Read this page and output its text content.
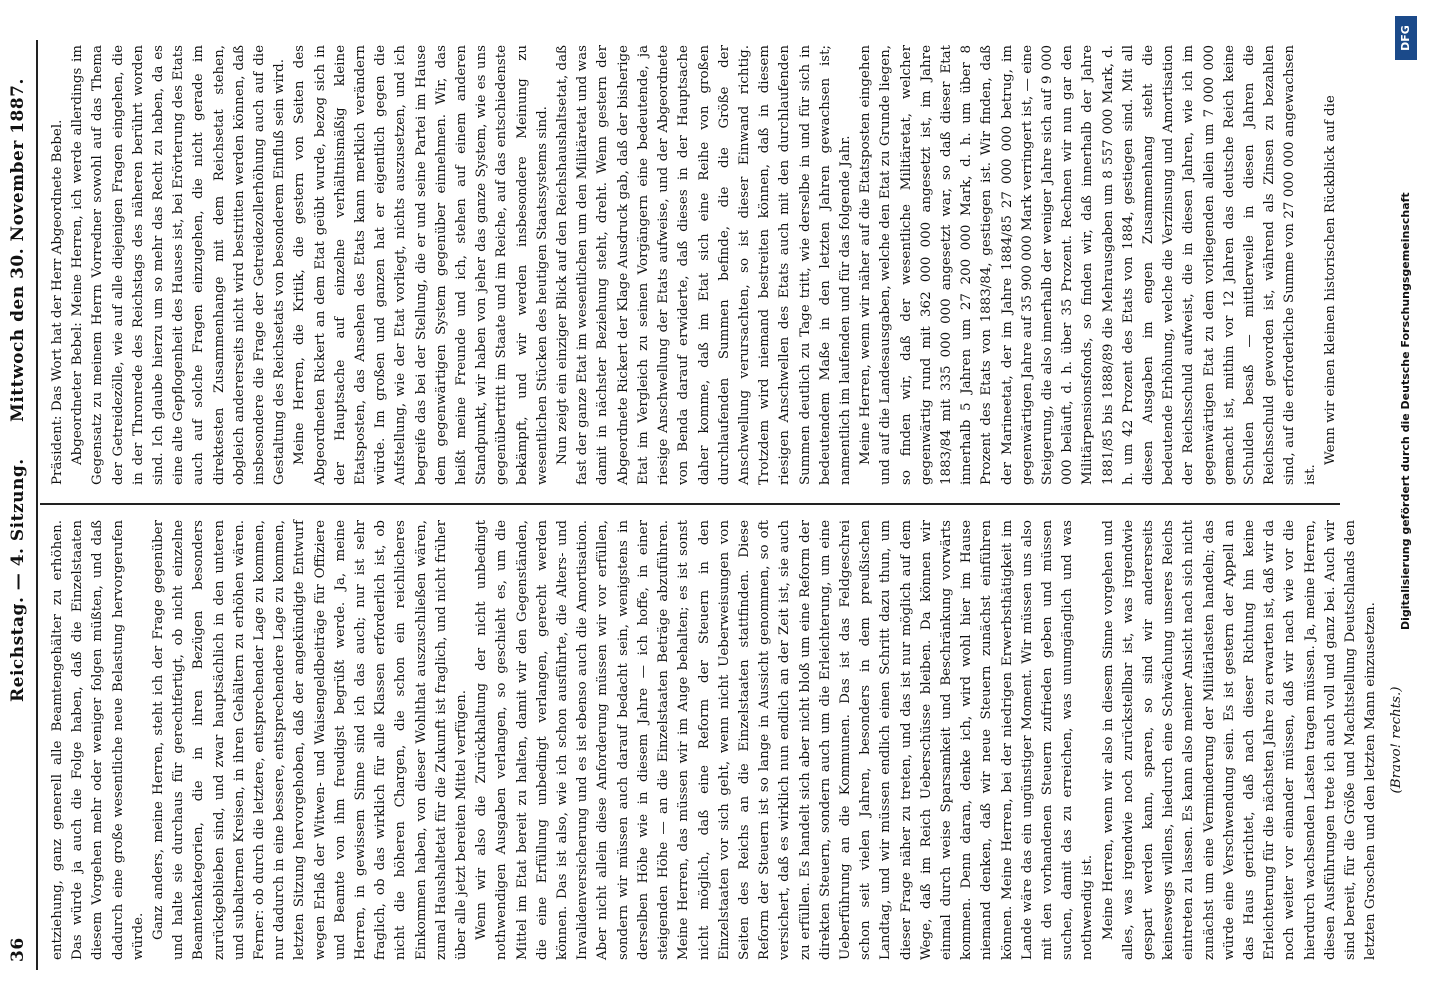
36
Reichstag. — 4. Sitzung.
Mittwoch den 30. November 1887.

entziehung, ganz generell alle Beamtengehälter zu erhöhen. Das würde ja auch die Folge haben, daß die Einzelstaaten diesem Vorgehen mehr oder weniger folgen müßten, und daß dadurch eine große wesentliche neue Belastung hervorgerufen würde. Ganz anders, meine Herren, steht ich der Frage gegenüber und halte sie durchaus für gerechtfertigt, ob nicht einzelne Beamtenkategorien, die in ihren Bezügen besonders zurückgeblieben sind, und zwar hauptsächlich in den unteren und subalternen Kreisen, in ihren Gehältern zu erhöhen wären. Ferner: ob durch die letztere, entsprechender Lage zu kommen, nur dadurch in eine bessere, entsprechendere Lage zu kommen, letzten Sitzung hervorgehoben, daß der angekündigte Entwurf wegen Erlaß der Witwen- und Waisengeldbeiträge für Offiziere und Beamte von ihm freudigst begrüßt werde. Ja, meine Herren, in gewissem Sinne sind ich das auch; nur ist sehr fraglich, ob das wirklich für alle Klassen erforderlich ist, ob nicht die höheren Chargen, die schon ein reichlicheres Einkommen haben, von dieser Wohlthat auszuschließen wären, zumal Haushaltetat für die Zukunft ist fraglich, und nicht früher über alle jetzt bereiten Mittel verfügen. Wenn wir also die Zurückhaltung der nicht unbedingt nothwendigen Ausgaben verlangen, so geschieht es, um die Mittel im Etat bereit zu halten, damit wir den Gegenständen, die eine Erfüllung unbedingt verlangen, gerecht werden können. Das ist also, wie ich schon ausführte, die Alters- und Invalidenversicherung und es ist ebenso auch die Amortisation. Aber nicht allein diese Anforderung müssen wir vor erfüllen, sondern wir müssen auch darauf bedacht sein, wenigstens in derselben Höhe wie in diesem Jahre — ich hoffe, in einer steigenden Höhe — an die Einzelstaaten Beträge abzuführen. Meine Herren, das müssen wir im Auge behalten; es ist sonst nicht möglich, daß eine Reform der Steuern in den Einzelstaaten vor sich geht, wenn nicht Ueberweisungen von Seiten des Reichs an die Einzelstaaten stattfinden. Diese Reform der Steuern ist so lange in Aussicht genommen, so oft versichert, daß es wirklich nun endlich an der Zeit ist, sie auch zu erfüllen. Es handelt sich aber nicht bloß um eine Reform der direkten Steuern, sondern auch um die Erleichterung, um eine Ueberführung an die Kommunen. Das ist das Feldgeschrei schon seit vielen Jahren, besonders in dem preußischen Landtag, und wir müssen endlich einen Schritt dazu thun, um dieser Frage näher zu treten, und das ist nur möglich auf dem Wege, daß im Reich Ueberschüsse bleiben. Da können wir einmal durch weise Sparsamkeit und Beschränkung vorwärts kommen. Denn daran, denke ich, wird wohl hier im Hause niemand denken, daß wir neue Steuern zunächst einführen können. Meine Herren, bei der niedrigen Erwerbsthätigkeit im Lande wäre das ein ungünstiger Moment. Wir müssen uns also mit den vorhandenen Steuern zufrieden geben und müssen suchen, damit das zu erreichen, was unumgänglich und was nothwendig ist. Meine Herren, wenn wir also in diesem Sinne vorgehen und alles, was irgendwie noch zurückstellbar ist, was irgendwie gespart werden kann, sparen, so sind wir andererseits keineswegs willens, hiedurch eine Schwächung unseres Reichs eintreten zu lassen. Es kann also meiner Ansicht nach sich nicht zunächst um eine Verminderung der Militärlasten handeln; das würde eine Verschwendung sein. Es ist gestern der Appell an das Haus gerichtet, daß nach dieser Richtung hin keine Erleichterung für die nächsten Jahre zu erwarten ist, daß wir da noch weiter vor einander müssen, daß wir nach wie vor die hierdurch wachsenden Lasten tragen müssen. Ja, meine Herren, diesen Ausführungen trete ich auch voll und ganz bei. Auch wir sind bereit, für die Größe und Machtstellung Deutschlands den letzten Groschen und den letzten Mann einzusetzen. (Bravo! rechts.)

Präsident: Das Wort hat der Herr Abgeordnete Bebel. Abgeordneter Bebel: Meine Herren, ich werde allerdings im Gegensatz zu meinem Herrn Vorredner sowohl auf das Thema der Getreidezölle, wie auf alle diejenigen Fragen eingehen, die in der Thronrede des Reichstags des näheren berührt worden sind. Ich glaube hierzu um so mehr das Recht zu haben, da es eine alte Gepflogenheit des Hauses ist, bei Erörterung des Etats auch auf solche Fragen einzugehen, die nicht gerade im direktesten Zusammenhange mit dem Reichsetat stehen, obgleich andererseits nicht wird bestritten werden können, daß insbesondere die Frage der Getreidezollerhöhung auch auf die Gestaltung des Reichsetats von besonderem Einfluß sein wird. Meine Herren, die Kritik, die gestern von Seiten des Abgeordneten Rickert an dem Etat geübt wurde, bezog sich in der Hauptsache auf einzelne verhältnismäßig kleine Etatsposten, das Ansehen des Etats kann merklich verändern würde. Im großen und ganzen hat er eigentlich gegen die Aufstellung, wie der Etat vorliegt, nichts auszusetzen, und ich begreife das bei der Stellung, die er und seine Partei im Hause dem gegenwärtigen System gegenüber einnehmen. Wir, das heißt meine Freunde und ich, stehen auf einem anderen Standpunkt, wir haben von jeher das ganze System, wie es uns gegenübertritt im Staate und im Reiche, auf das entschiedenste bekämpft, und wir werden insbesondere Meinung zu wesentlichen Stücken des heutigen Staatssystems sind. Nun zeigt ein einziger Blick auf den Reichshaushaltsetat, daß fast der ganze Etat im wesentlichen um den Militäretat und was damit in nächster Beziehung steht, dreht. Wenn gestern der Abgeordnete Rickert der Klage Ausdruck gab, daß der bisherige Etat im Vergleich zu seinen Vorgängern eine bedeutende, ja riesige Anschwellung der Etats aufweise, und der Abgeordnete von Benda darauf erwiderte, daß dieses in der Hauptsache daher komme, daß im Etat sich eine Reihe von großen durchlaufenden Summen befinde, die die Größe der Anschwellung verursachten, so ist dieser Einwand richtig. Trotzdem wird niemand bestreiten können, daß in diesem riesigen Anschwellen des Etats auch mit den durchlaufenden Summen deutlich zu Tage tritt, wie derselbe in und für sich in bedeutendem Maße in den letzten Jahren gewachsen ist; namentlich im laufenden und für das folgende Jahr. Meine Herren, wenn wir näher auf die Etatsposten eingehen und auf die Landesausgaben, welche den Etat zu Grunde liegen, so finden wir, daß der wesentliche Militäretat, welcher gegenwärtig rund mit 362 000 000 angesetzt ist, im Jahre 1883/84 mit 335 000 000 angesetzt war, so daß dieser Etat innerhalb 5 Jahren um 27 200 000 Mark, d. h. um über 8 Prozent des Etats von 1883/84, gestiegen ist. Wir finden, daß der Marineetat, der im Jahre 1884/85 27 000 000 betrug, im gegenwärtigen Jahre auf 35 900 000 Mark verringert ist, — eine Steigerung, die also innerhalb der weniger Jahre sich auf 9 000 000 beläuft, d. h. über 35 Prozent. Rechnen wir nun gar den Militärpensionsfonds, so finden wir, daß innerhalb der Jahre 1881/85 bis 1888/89 die Mehrausgaben um 8 557 000 Mark, d. h. um 42 Prozent des Etats von 1884, gestiegen sind. Mit all diesen Ausgaben im engen Zusammenhang steht die bedeutende Erhöhung, welche die Verzinsung und Amortisation der Reichsschuld aufweist, die in diesen Jahren, wie ich im gegenwärtigen Etat zu dem vorliegenden allein um 7 000 000 gemacht ist, mithin vor 12 Jahren das deutsche Reich keine Schulden besaß — mittlerweile in diesen Jahren die Reichsschuld geworden ist, während als Zinsen zu bezahlen sind, auf die erforderliche Summe von 27 000 000 angewachsen ist.

Wenn wir einen kleinen historischen Rückblick auf die	Digitalisierung gefördert durch die Deutsche Forschungsgemeinschaft
DFG
